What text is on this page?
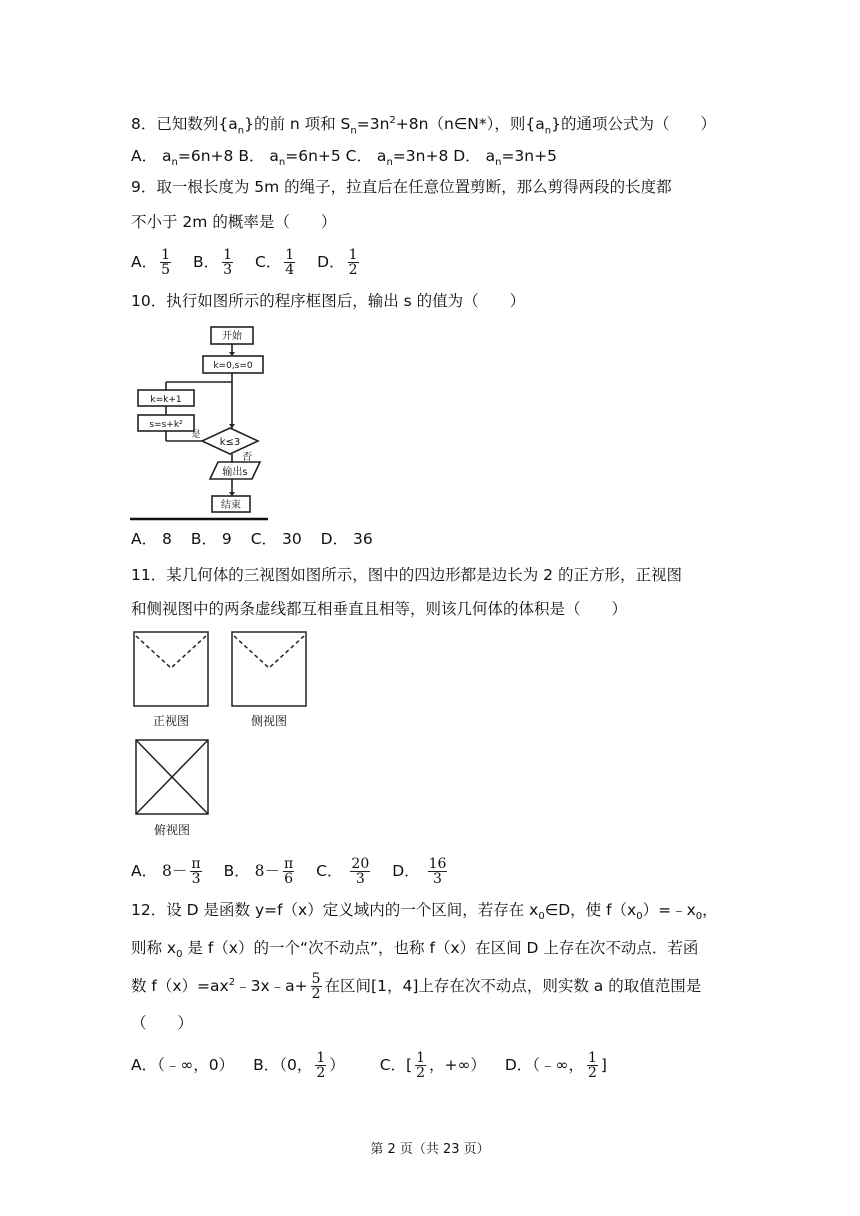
8．已知数列$\{a_n\}$的前 n 项和 $S_n=3n^2+8n(n\in N*)$，则$\{a_n\}$的通项公式为（　　）
A． $a_n=6n+8$ B． $a_n=6n+5$ C． $a_n=3n+8$ D． $a_n=3n+5$
9．取一根长度为 5m 的绳子，拉直后在任意位置剪断，那么剪得两段的长度都
不小于 2m 的概率是（　　）
A． $\frac{1}{5}$ B． $\frac{1}{3}$ C． $\frac{1}{4}$ D． $\frac{1}{2}$
10．执行如图所示的程序框图后，输出 s 的值为（　　）
开始
k=0,s=0
k=k+1
s=s+k²
k≤3
是
否
输出s
结束
A． 8 B． 9 C． 30 D． 36
11．某几何体的三视图如图所示，图中的四边形都是边长为 2 的正方形，正视图
和侧视图中的两条虚线都互相垂直且相等，则该几何体的体积是（　　）
正视图	侧视图
俯视图
A． $8- \frac{\pi}{3}$ B． $8- \frac{\pi}{6}$ C． $\frac{20}{3}$ D． $\frac{16}{3}$
12．设 D 是函数 y=f（x）定义域内的一个区间，若存在 $x_0\in D$，使 $f(x_0)=﹣x_0$，
则称 $x_0$ 是 f（x）的一个“次不动点”，也称 f（x）在区间 D 上存在次不动点．若函
数 $f(x)=ax^2﹣3x﹣a+ \frac{5}{2}$ 在区间[1，4]上存在次不动点，则实数 a 的取值范围是
（　　）
A．（﹣∞，0） B．（0， $\frac{1}{2}$ ） C．[ $\frac{1}{2}$ ，+∞） D．（﹣∞， $\frac{1}{2}$ ]
第 2 页（共 23 页）
